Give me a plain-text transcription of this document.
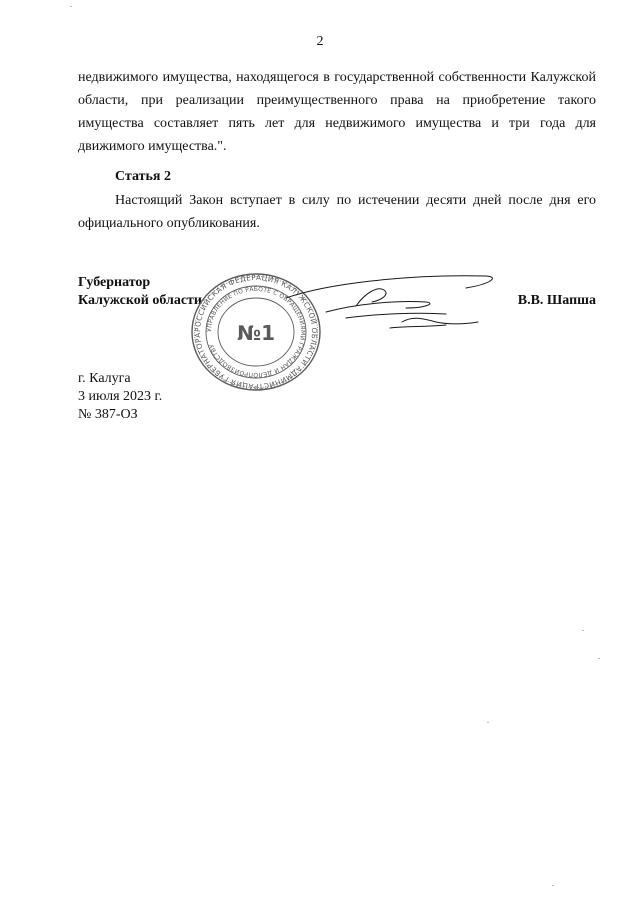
2

недвижимого имущества, находящегося в государственной собственности Калужской области, при реализации преимущественного права на приобретение такого имущества составляет пять лет для недвижимого имущества и три года для движимого имущества.".

Статья 2

Настоящий Закон вступает в силу по истечении десяти дней после дня его официального опубликования.

Губернатор
Калужской области
РОССИЙСКАЯ ФЕДЕРАЦИЯ КАЛУЖСКОЙ ОБЛАСТИ АДМИНИСТРАЦИЯ ГУБЕРНАТОРА
УПРАВЛЕНИЕ ПО РАБОТЕ С ОБРАЩЕНИЯМИ ГРАЖДАН И ДЕЛОПРОИЗВОДСТВУ
№1
В.В. Шапша
г. Калуга
3 июля 2023 г.
№ 387-ОЗ
